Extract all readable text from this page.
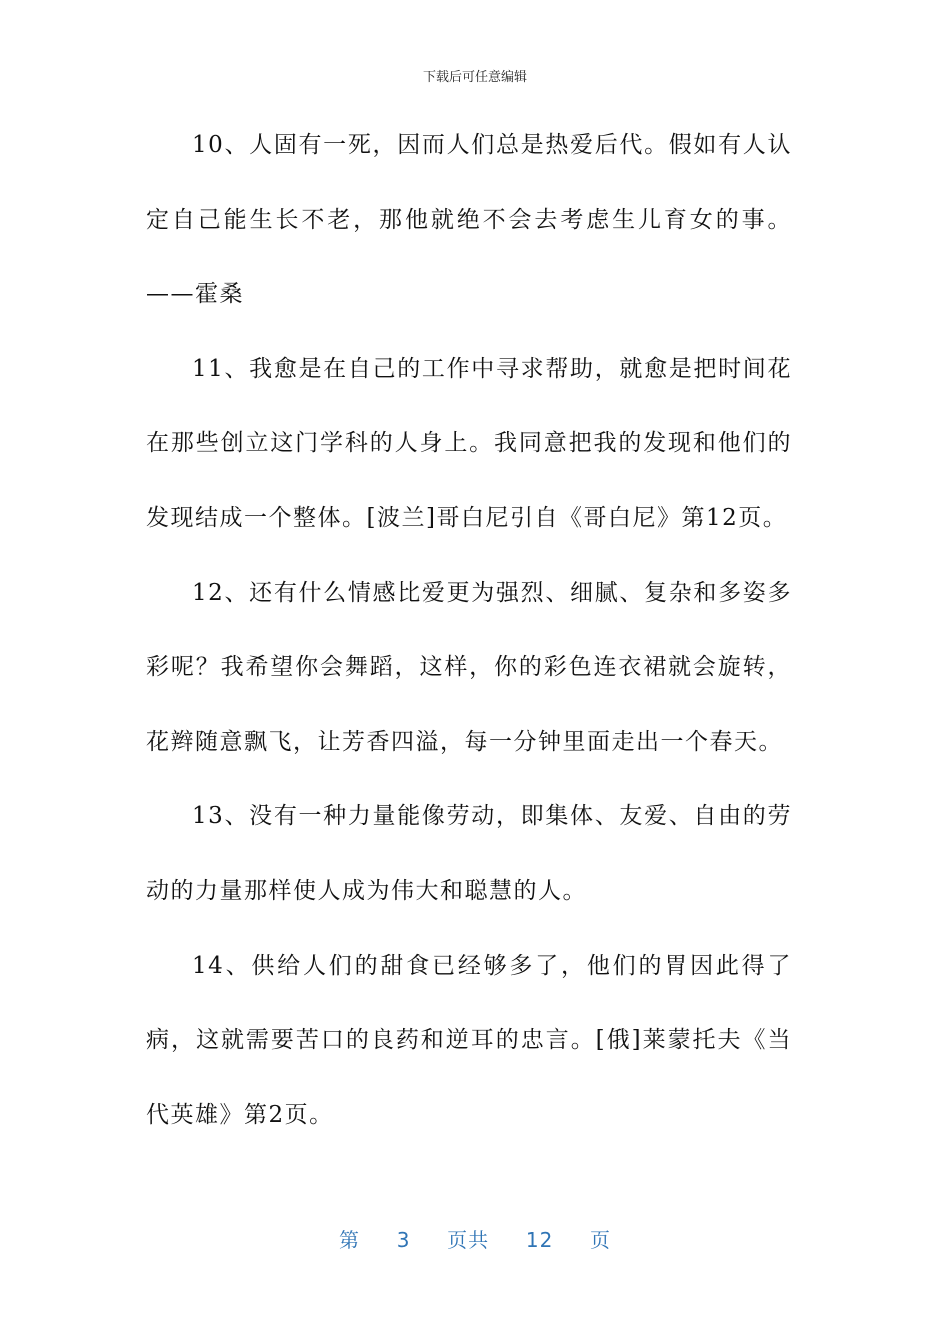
下载后可任意编辑

10、人固有一死，因而人们总是热爱后代。假如有人认定自己能生长不老，那他就绝不会去考虑生儿育女的事。——霍桑

11、我愈是在自己的工作中寻求帮助，就愈是把时间花在那些创立这门学科的人身上。我同意把我的发现和他们的发现结成一个整体。[波兰]哥白尼引自《哥白尼》第12页。

12、还有什么情感比爱更为强烈、细腻、复杂和多姿多彩呢？我希望你会舞蹈，这样，你的彩色连衣裙就会旋转，花辫随意飘飞，让芳香四溢，每一分钟里面走出一个春天。

13、没有一种力量能像劳动，即集体、友爱、自由的劳动的力量那样使人成为伟大和聪慧的人。

14、供给人们的甜食已经够多了，他们的胃因此得了病，这就需要苦口的良药和逆耳的忠言。[俄]莱蒙托夫《当代英雄》第2页。

第 3 页共 12 页
